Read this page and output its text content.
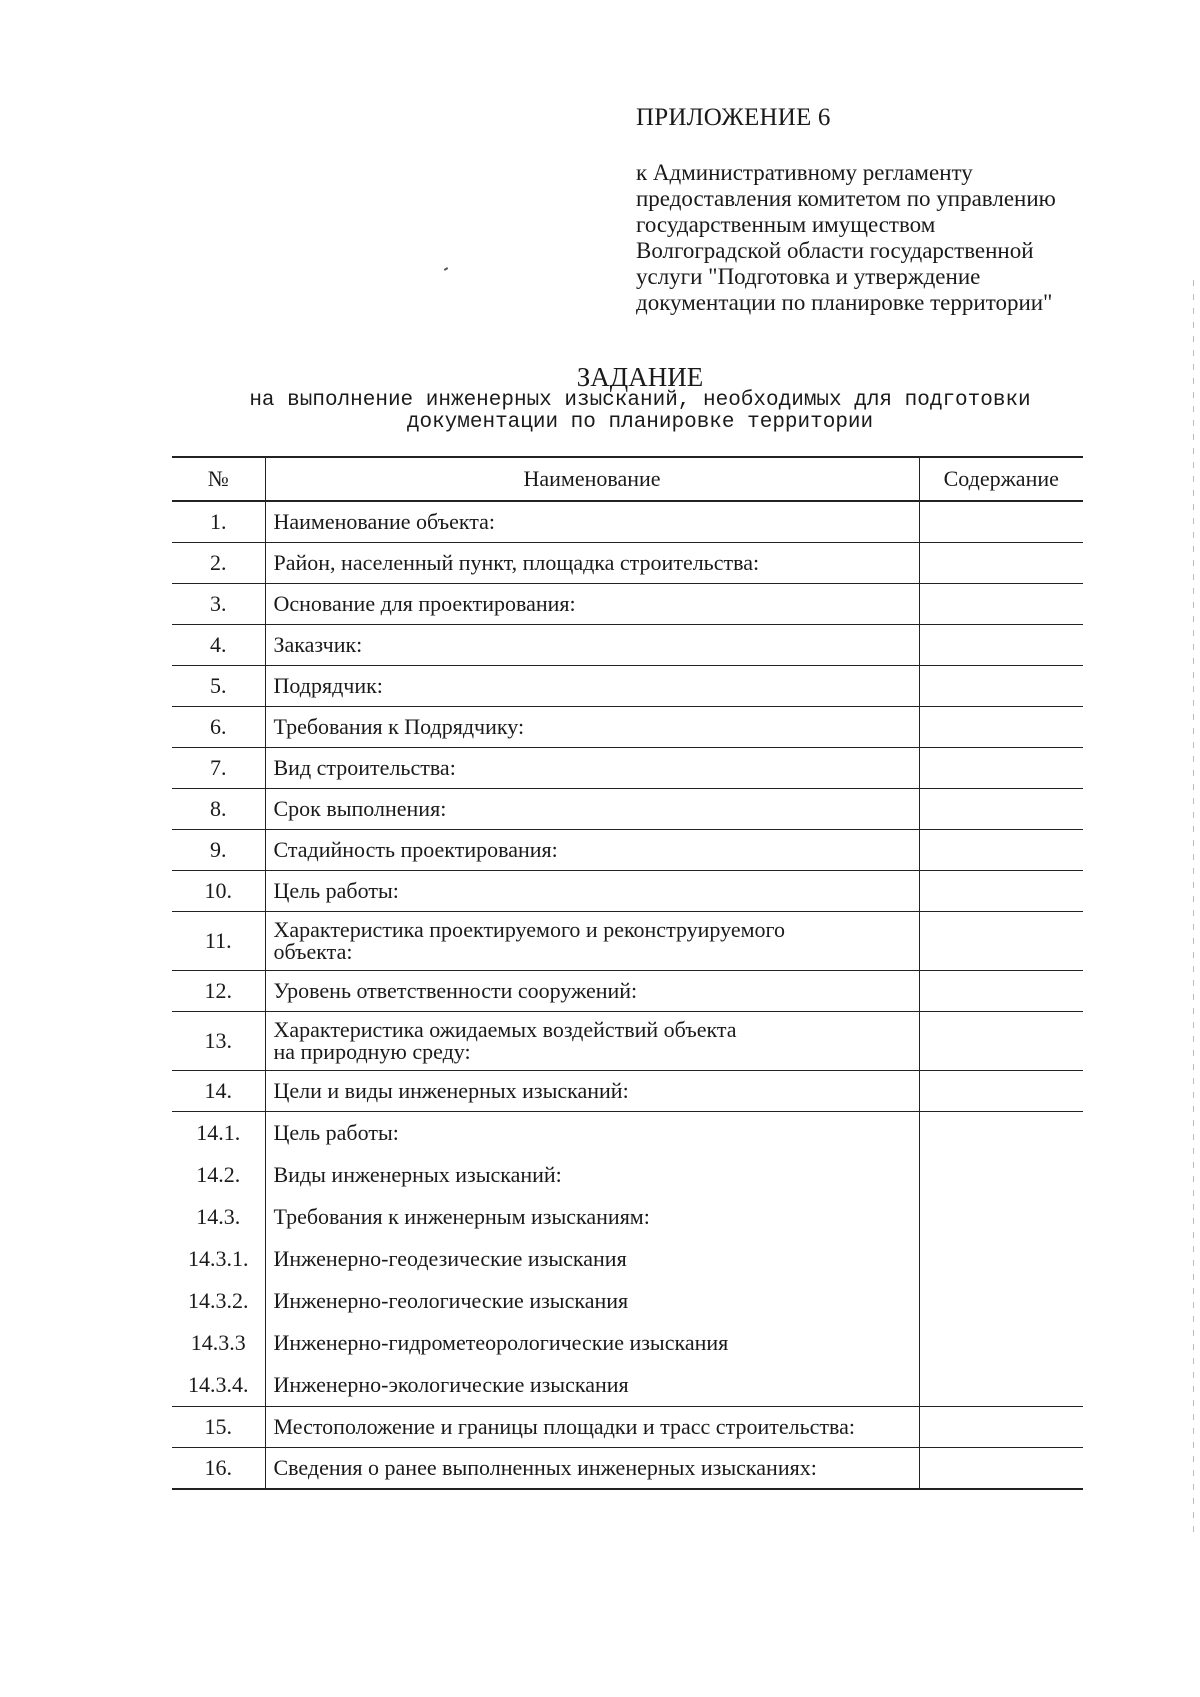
ПРИЛОЖЕНИЕ 6
к Административному регламенту
предоставления комитетом по управлению
государственным имуществом
Волгоградской области государственной
услуги "Подготовка и утверждение
документации по планировке территории"
ЗАДАНИЕ
на выполнение инженерных изысканий, необходимых для подготовки
документации по планировке территории
№	Наименование	Содержание
1.	Наименование объекта:	
2.	Район, населенный пункт, площадка строительства:	
3.	Основание для проектирования:	
4.	Заказчик:	
5.	Подрядчик:	
6.	Требования к Подрядчику:	
7.	Вид строительства:	
8.	Срок выполнения:	
9.	Стадийность проектирования:	
10.	Цель работы:	
11.	Характеристика проектируемого и реконструируемого
объекта:	

12.	Уровень ответственности сооружений:	
13.	Характеристика ожидаемых воздействий объекта
на природную среду:	

14.	Цели и виды инженерных изысканий:	
14.1.	Цель работы:	
14.2.	Виды инженерных изысканий:	
14.3.	Требования к инженерным изысканиям:	
14.3.1.	Инженерно-геодезические изыскания	
14.3.2.	Инженерно-геологические изыскания	
14.3.3	Инженерно-гидрометеорологические изыскания	
14.3.4.	Инженерно-экологические изыскания	
15.	Местоположение и границы площадки и трасс строительства:	
16.	Сведения о ранее выполненных инженерных изысканиях:	
